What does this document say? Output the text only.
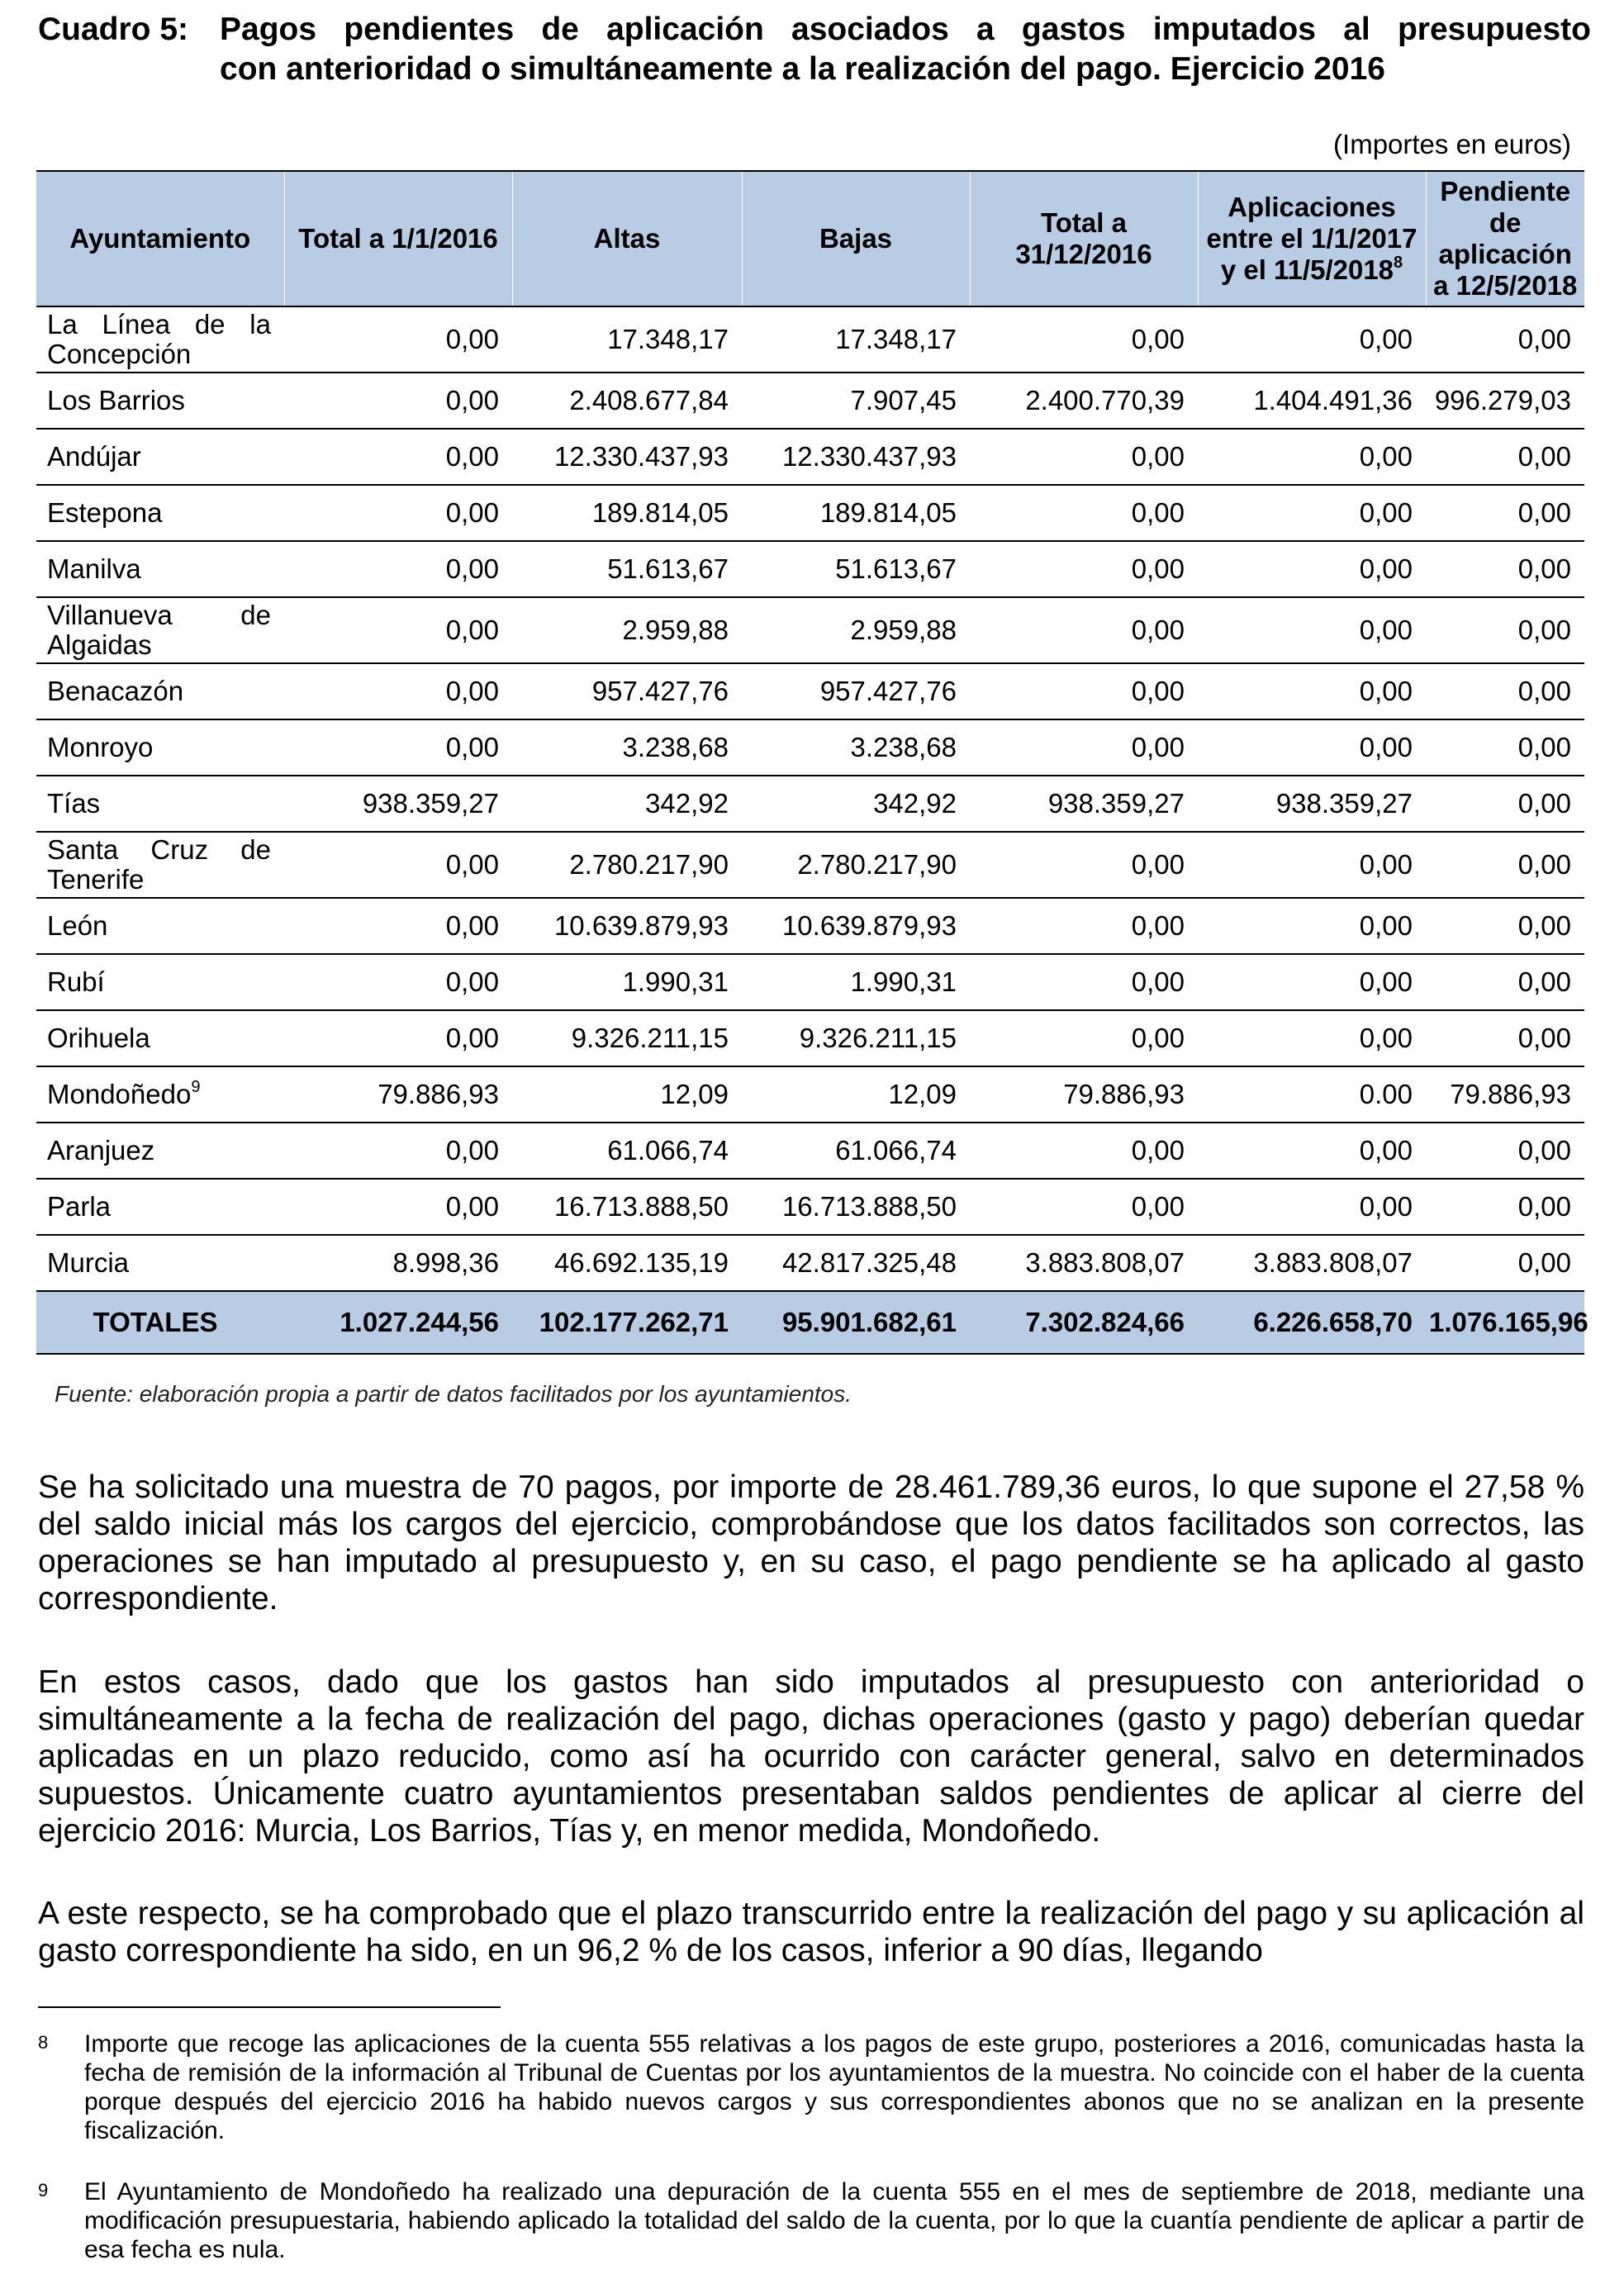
Cuadro 5: Pagos pendientes de aplicación asociados a gastos imputados al presupuesto
con anterioridad o simultáneamente a la realización del pago. Ejercicio 2016
(Importes en euros)
Ayuntamiento	Total a 1/1/2016	Altas	Bajas	Total a 31/12/2016	Aplicaciones entre el 1/1/2017 y el 11/5/2018$^8$	Pendiente de aplicación a 12/5/2018

La Línea de la
Concepción	0,00	17.348,17	17.348,17	0,00	0,00	0,00
Los Barrios	0,00	2.408.677,84	7.907,45	2.400.770,39	1.404.491,36	996.279,03
Andújar	0,00	12.330.437,93	12.330.437,93	0,00	0,00	0,00
Estepona	0,00	189.814,05	189.814,05	0,00	0,00	0,00
Manilva	0,00	51.613,67	51.613,67	0,00	0,00	0,00

Villanueva de
Algaidas	0,00	2.959,88	2.959,88	0,00	0,00	0,00
Benacazón	0,00	957.427,76	957.427,76	0,00	0,00	0,00
Monroyo	0,00	3.238,68	3.238,68	0,00	0,00	0,00
Tías	938.359,27	342,92	342,92	938.359,27	938.359,27	0,00

Santa Cruz de
Tenerife	0,00	2.780.217,90	2.780.217,90	0,00	0,00	0,00
León	0,00	10.639.879,93	10.639.879,93	0,00	0,00	0,00
Rubí	0,00	1.990,31	1.990,31	0,00	0,00	0,00
Orihuela	0,00	9.326.211,15	9.326.211,15	0,00	0,00	0,00
Mondoñedo$^9$	79.886,93	12,09	12,09	79.886,93	0.00	79.886,93
Aranjuez	0,00	61.066,74	61.066,74	0,00	0,00	0,00
Parla	0,00	16.713.888,50	16.713.888,50	0,00	0,00	0,00
Murcia	8.998,36	46.692.135,19	42.817.325,48	3.883.808,07	3.883.808,07	0,00
TOTALES	1.027.244,56	102.177.262,71	95.901.682,61	7.302.824,66	6.226.658,70	1.076.165,96
Fuente: elaboración propia a partir de datos facilitados por los ayuntamientos.
Se ha solicitado una muestra de 70 pagos, por importe de 28.461.789,36 euros, lo que supone el 27,58 % del saldo inicial más los cargos del ejercicio, comprobándose que los datos facilitados son correctos, las operaciones se han imputado al presupuesto y, en su caso, el pago pendiente se ha aplicado al gasto correspondiente.
En estos casos, dado que los gastos han sido imputados al presupuesto con anterioridad o simultáneamente a la fecha de realización del pago, dichas operaciones (gasto y pago) deberían quedar aplicadas en un plazo reducido, como así ha ocurrido con carácter general, salvo en determinados supuestos. Únicamente cuatro ayuntamientos presentaban saldos pendientes de aplicar al cierre del ejercicio 2016: Murcia, Los Barrios, Tías y, en menor medida, Mondoñedo.
A este respecto, se ha comprobado que el plazo transcurrido entre la realización del pago y su aplicación al gasto correspondiente ha sido, en un 96,2 % de los casos, inferior a 90 días, llegando
8 Importe que recoge las aplicaciones de la cuenta 555 relativas a los pagos de este grupo, posteriores a 2016, comunicadas hasta la fecha de remisión de la información al Tribunal de Cuentas por los ayuntamientos de la muestra. No coincide con el haber de la cuenta porque después del ejercicio 2016 ha habido nuevos cargos y sus correspondientes abonos que no se analizan en la presente fiscalización.
9 El Ayuntamiento de Mondoñedo ha realizado una depuración de la cuenta 555 en el mes de septiembre de 2018, mediante una modificación presupuestaria, habiendo aplicado la totalidad del saldo de la cuenta, por lo que la cuantía pendiente de aplicar a partir de esa fecha es nula.
